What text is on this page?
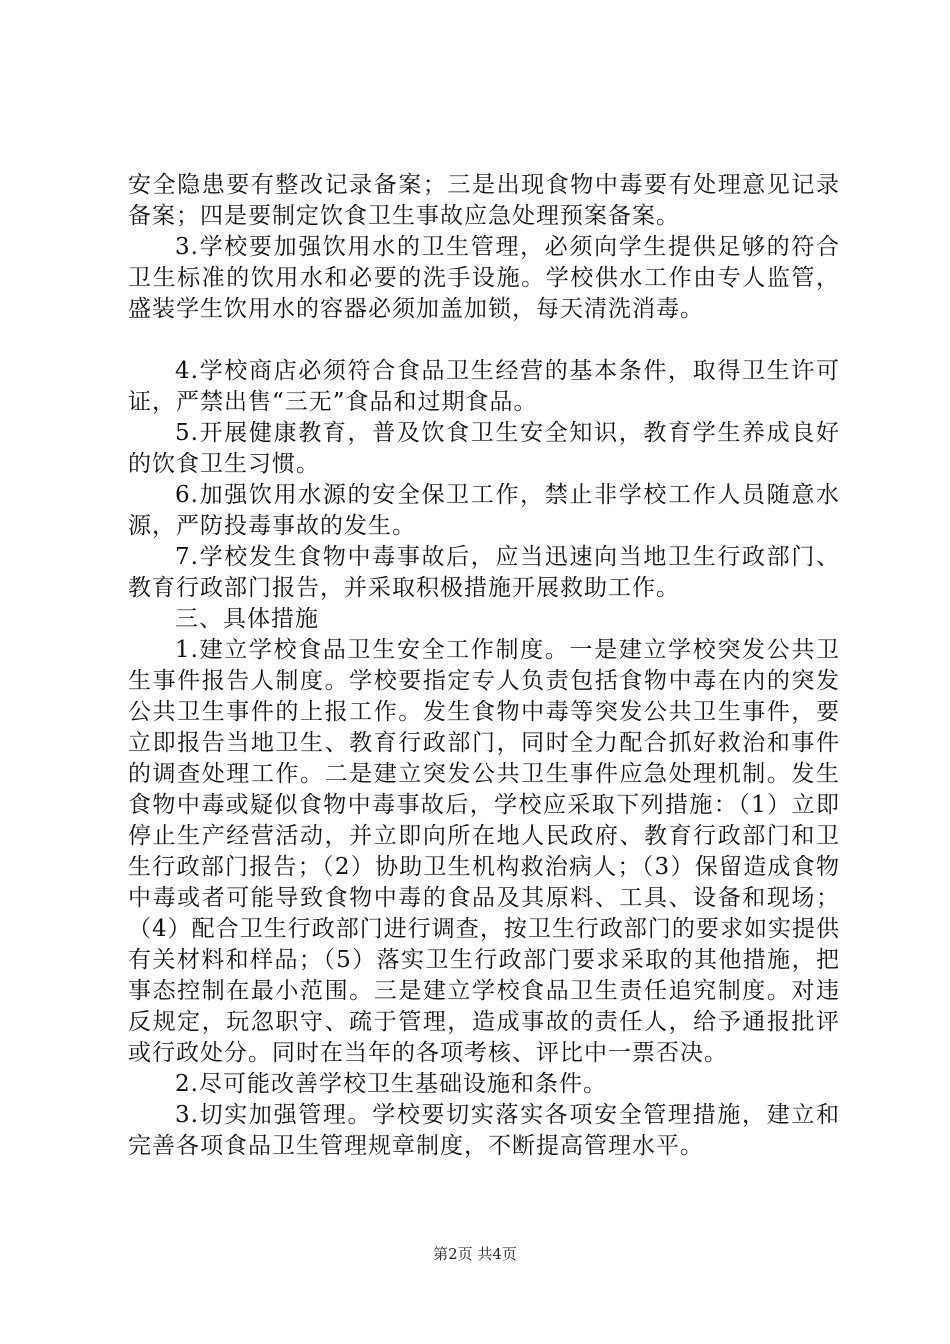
安全隐患要有整改记录备案；三是出现食物中毒要有处理意见记录备案；四是要制定饮食卫生事故应急处理预案备案。

3.学校要加强饮用水的卫生管理，必须向学生提供足够的符合卫生标准的饮用水和必要的洗手设施。学校供水工作由专人监管，盛装学生饮用水的容器必须加盖加锁，每天清洗消毒。

4.学校商店必须符合食品卫生经营的基本条件，取得卫生许可证，严禁出售“三无”食品和过期食品。

5.开展健康教育，普及饮食卫生安全知识，教育学生养成良好的饮食卫生习惯。

6.加强饮用水源的安全保卫工作，禁止非学校工作人员随意水源，严防投毒事故的发生。

7.学校发生食物中毒事故后，应当迅速向当地卫生行政部门、教育行政部门报告，并采取积极措施开展救助工作。

三、具体措施

1.建立学校食品卫生安全工作制度。一是建立学校突发公共卫生事件报告人制度。学校要指定专人负责包括食物中毒在内的突发公共卫生事件的上报工作。发生食物中毒等突发公共卫生事件，要立即报告当地卫生、教育行政部门，同时全力配合抓好救治和事件的调查处理工作。二是建立突发公共卫生事件应急处理机制。发生食物中毒或疑似食物中毒事故后，学校应采取下列措施：（1）立即停止生产经营活动，并立即向所在地人民政府、教育行政部门和卫生行政部门报告；（2）协助卫生机构救治病人；（3）保留造成食物中毒或者可能导致食物中毒的食品及其原料、工具、设备和现场；（4）配合卫生行政部门进行调查，按卫生行政部门的要求如实提供有关材料和样品；（5）落实卫生行政部门要求采取的其他措施，把事态控制在最小范围。三是建立学校食品卫生责任追究制度。对违反规定，玩忽职守、疏于管理，造成事故的责任人，给予通报批评或行政处分。同时在当年的各项考核、评比中一票否决。

2.尽可能改善学校卫生基础设施和条件。

3.切实加强管理。学校要切实落实各项安全管理措施，建立和完善各项食品卫生管理规章制度，不断提高管理水平。

第2页 共4页
